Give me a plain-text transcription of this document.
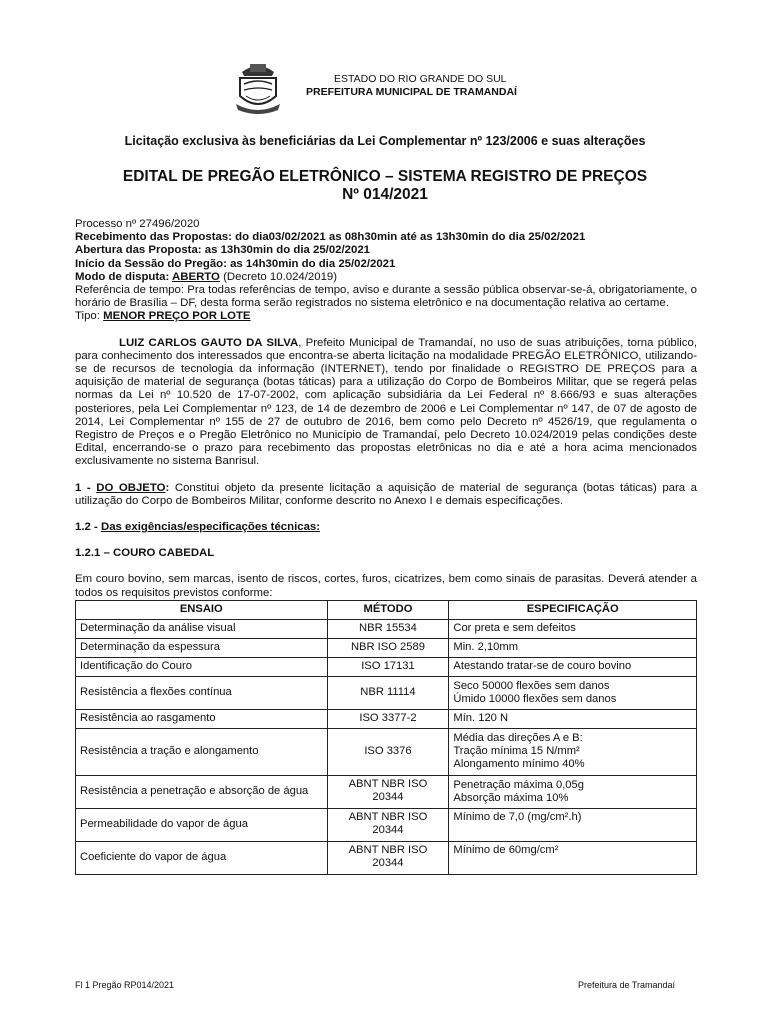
ESTADO DO RIO GRANDE DO SUL
PREFEITURA MUNICIPAL DE TRAMANDAÍ
Licitação exclusiva às beneficiárias da Lei Complementar nº 123/2006 e suas alterações
EDITAL DE PREGÃO ELETRÔNICO – SISTEMA REGISTRO DE PREÇOS
Nº 014/2021

Processo nº 27496/2020

Recebimento das Propostas: do dia03/02/2021 as 08h30min até as 13h30min do dia 25/02/2021

Abertura das Proposta: as 13h30min do dia 25/02/2021

Início da Sessão do Pregão: as 14h30min do dia 25/02/2021

Modo de disputa: ABERTO (Decreto 10.024/2019)

Referência de tempo: Pra todas referências de tempo, aviso e durante a sessão pública observar-se-á, obrigatoriamente, o horário de Brasília – DF, desta forma serão registrados no sistema eletrônico e na documentação relativa ao certame.

Tipo: MENOR PREÇO POR LOTE

LUIZ CARLOS GAUTO DA SILVA, Prefeito Municipal de Tramandaí, no uso de suas atribuições, torna público, para conhecimento dos interessados que encontra-se aberta licitação na modalidade PREGÃO ELETRÔNICO, utilizando-se de recursos de tecnologia da informação (INTERNET), tendo por finalidade o REGISTRO DE PREÇOS para a aquisição de material de segurança (botas táticas) para a utilização do Corpo de Bombeiros Militar, que se regerá pelas normas da Lei nº 10.520 de 17-07-2002, com aplicação subsidiária da Lei Federal nº 8.666/93 e suas alterações posteriores, pela Lei Complementar nº 123, de 14 de dezembro de 2006 e Lei Complementar nº 147, de 07 de agosto de 2014, Lei Complementar nº 155 de 27 de outubro de 2016, bem como pelo Decreto nº 4526/19, que regulamenta o Registro de Preços e o Pregão Eletrônico no Município de Tramandaí, pelo Decreto 10.024/2019 pelas condições deste Edital, encerrando-se o prazo para recebimento das propostas eletrônicas no dia e até a hora acima mencionados exclusivamente no sistema Banrisul.

1 - DO OBJETO: Constitui objeto da presente licitação a aquisição de material de segurança (botas táticas) para a utilização do Corpo de Bombeiros Militar, conforme descrito no Anexo I e demais especificações.

1.2 - Das exigências/especificações técnicas:

1.2.1 – COURO CABEDAL

Em couro bovino, sem marcas, isento de riscos, cortes, furos, cicatrizes, bem como sinais de parasitas. Deverá atender a todos os requisitos previstos conforme:

ENSAIO	MÉTODO	ESPECIFICAÇÃO
Determinação da análise visual	NBR 15534	Cor preta e sem defeitos

Determinação da espessura	NBR ISO 2589	Min. 2,10mm

Identificação do Couro	ISO 17131	Atestando tratar-se de couro bovino

Resistência a flexões contínua	NBR 11114	Seco 50000 flexões sem danos
Úmido 10000 flexões sem danos

Resistência ao rasgamento	ISO 3377-2	Mín. 120 N

Resistência a tração e alongamento	ISO 3376	Média das direções A e B:
Tração mínima 15 N/mm²
Alongamento mínimo 40%

Resistência a penetração e absorção de água	ABNT NBR ISO 20344	Penetração máxima 0,05g
Absorção máxima 10%

Permeabilidade do vapor de água	ABNT NBR ISO 20344	Mínimo de 7,0 (mg/cm².h)

Coeficiente do vapor de água	ABNT NBR ISO 20344	Mínimo de 60mg/cm²
Fl 1 Pregão RP014/2021	Prefeitura de Tramandaí
